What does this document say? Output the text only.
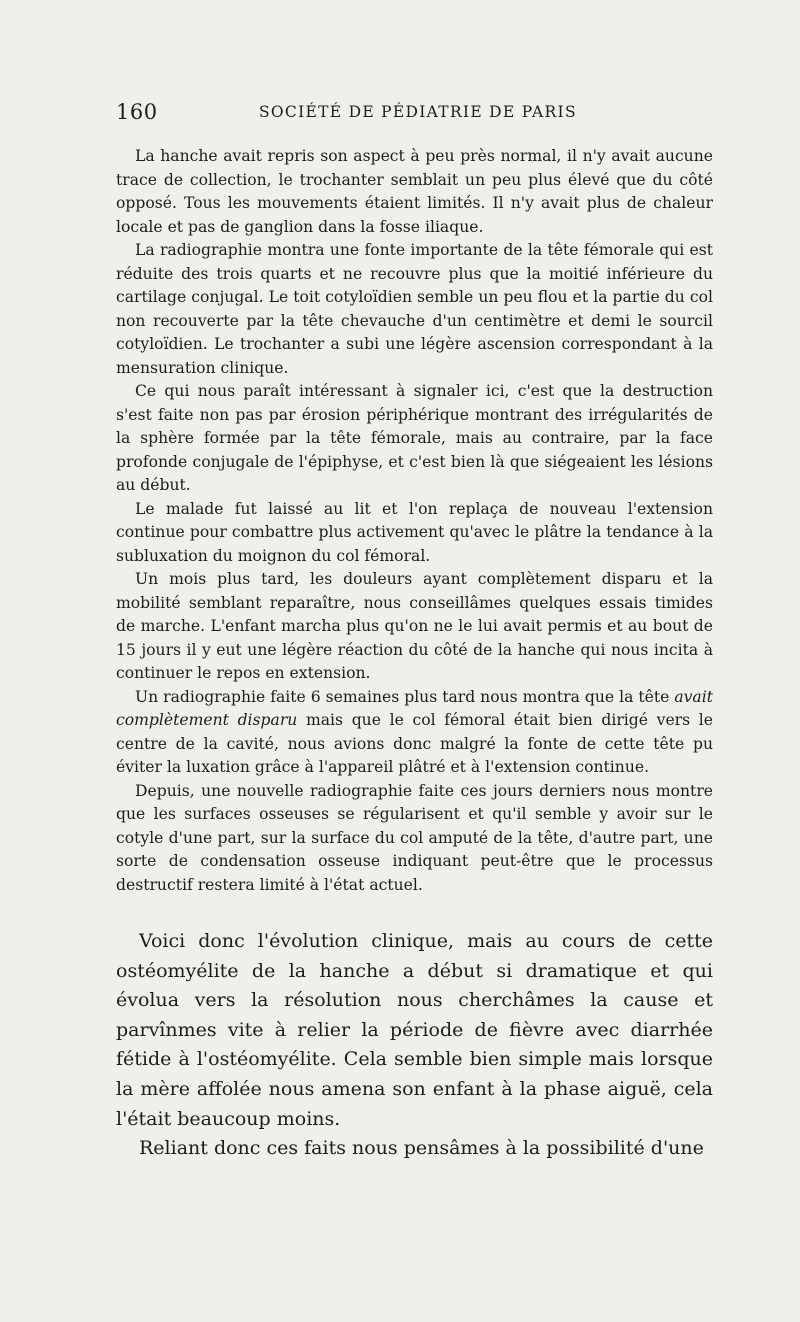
160	SOCIÉTÉ DE PÉDIATRIE DE PARIS

La hanche avait repris son aspect à peu près normal, il n'y avait aucune trace de collection, le trochanter semblait un peu plus élevé que du côté opposé. Tous les mouvements étaient limités. Il n'y avait plus de chaleur locale et pas de ganglion dans la fosse iliaque.

La radiographie montra une fonte importante de la tête fémorale qui est réduite des trois quarts et ne recouvre plus que la moitié inférieure du cartilage conjugal. Le toit cotyloïdien semble un peu flou et la partie du col non recouverte par la tête chevauche d'un centimètre et demi le sourcil cotyloïdien. Le trochanter a subi une légère ascension correspondant à la mensuration clinique.

Ce qui nous paraît intéressant à signaler ici, c'est que la destruction s'est faite non pas par érosion périphérique montrant des irrégularités de la sphère formée par la tête fémorale, mais au contraire, par la face profonde conjugale de l'épiphyse, et c'est bien là que siégeaient les lésions au début.

Le malade fut laissé au lit et l'on replaça de nouveau l'extension continue pour combattre plus activement qu'avec le plâtre la tendance à la subluxation du moignon du col fémoral.

Un mois plus tard, les douleurs ayant complètement disparu et la mobilité semblant reparaître, nous conseillâmes quelques essais timides de marche. L'enfant marcha plus qu'on ne le lui avait permis et au bout de 15 jours il y eut une légère réaction du côté de la hanche qui nous incita à continuer le repos en extension.

Un radiographie faite 6 semaines plus tard nous montra que la tête avait complètement disparu mais que le col fémoral était bien dirigé vers le centre de la cavité, nous avions donc malgré la fonte de cette tête pu éviter la luxation grâce à l'appareil plâtré et à l'extension continue.

Depuis, une nouvelle radiographie faite ces jours derniers nous montre que les surfaces osseuses se régularisent et qu'il semble y avoir sur le cotyle d'une part, sur la surface du col amputé de la tête, d'autre part, une sorte de condensation osseuse indiquant peut-être que le processus destructif restera limité à l'état actuel.

Voici donc l'évolution clinique, mais au cours de cette ostéomyélite de la hanche a début si dramatique et qui évolua vers la résolution nous cherchâmes la cause et parvînmes vite à relier la période de fièvre avec diarrhée fétide à l'ostéomyélite. Cela semble bien simple mais lorsque la mère affolée nous amena son enfant à la phase aiguë, cela l'était beaucoup moins.

Reliant donc ces faits nous pensâmes à la possibilité d'une
